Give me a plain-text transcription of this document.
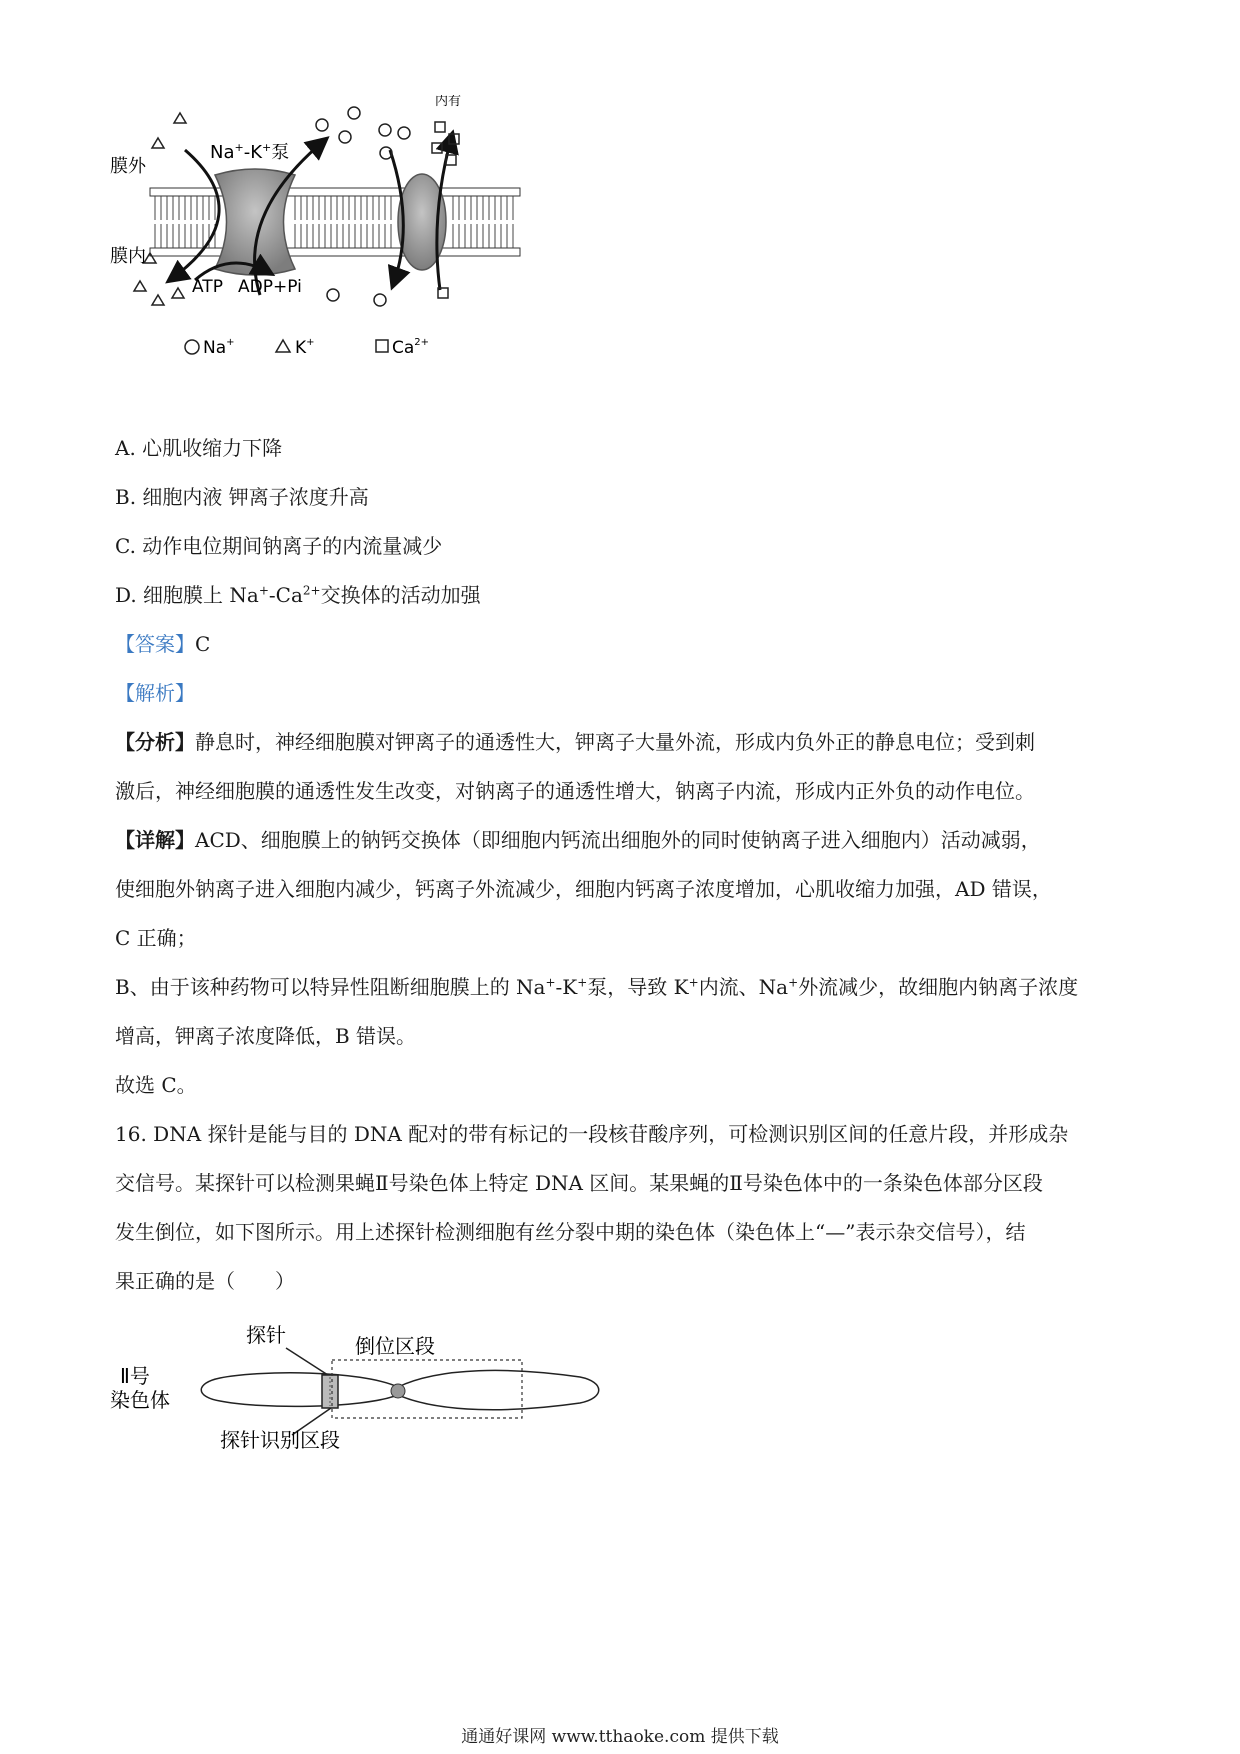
膜外
膜内
Na+-K+泵
内有
ATP ADP+Pi
Na+	K+	$Ca^{2+}$
A. 心肌收缩力下降
B. 细胞内液 钾离子浓度升高
C. 动作电位期间钠离子的内流量减少
D. 细胞膜上 $Na^+-Ca^{2+}$交换体的活动加强
【答案】C
【解析】
【分析】静息时，神经细胞膜对钾离子的通透性大，钾离子大量外流，形成内负外正的静息电位；受到刺
激后，神经细胞膜的通透性发生改变，对钠离子的通透性增大，钠离子内流，形成内正外负的动作电位。
【详解】ACD、细胞膜上的钠钙交换体（即细胞内钙流出细胞外的同时使钠离子进入细胞内）活动减弱，
使细胞外钠离子进入细胞内减少，钙离子外流减少，细胞内钙离子浓度增加，心肌收缩力加强，AD 错误，
C 正确；
B、由于该种药物可以特异性阻断细胞膜上的 Na+-K+泵，导致 K+内流、Na+外流减少，故细胞内钠离子浓度
增高，钾离子浓度降低，B 错误。
故选 C。
16. DNA 探针是能与目的 DNA 配对的带有标记的一段核苷酸序列，可检测识别区间的任意片段，并形成杂
交信号。某探针可以检测果蝇Ⅱ号染色体上特定 DNA 区间。某果蝇的Ⅱ号染色体中的一条染色体部分区段
发生倒位，如下图所示。用上述探针检测细胞有丝分裂中期的染色体（染色体上“—”表示杂交信号），结
果正确的是（　　）
探针	倒位区段
Ⅱ号
染色体
探针识别区段
通通好课网 www.tthaoke.com 提供下载
